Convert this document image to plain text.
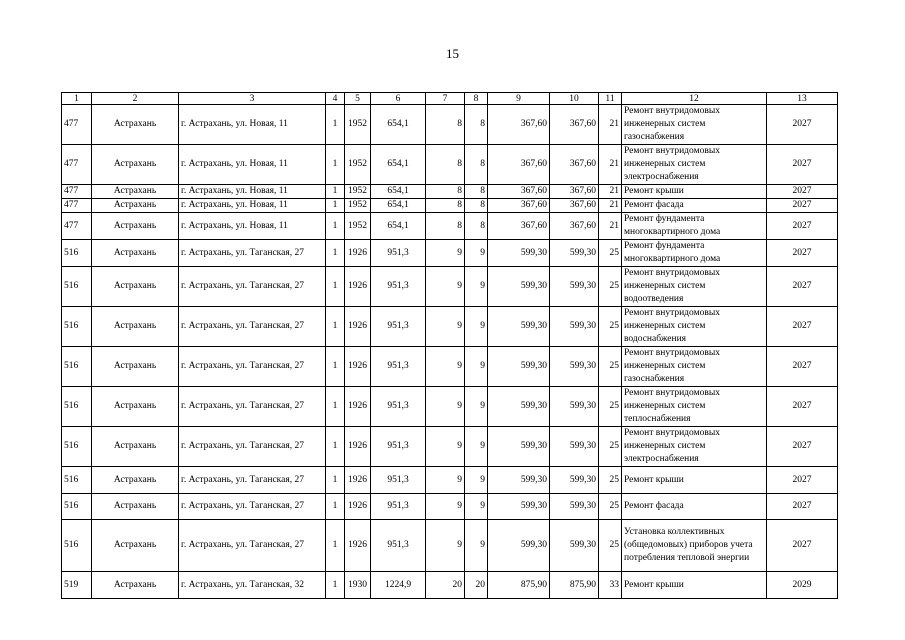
15
1	2	3	4	5	6	7	8	9	10	11	12	13
477	Астрахань	г. Астрахань, ул. Новая, 11	1	1952	654,1	8	8	367,60	367,60	21	Ремонт внутридомовых
инженерных систем
газоснабжения	2027
477	Астрахань	г. Астрахань, ул. Новая, 11	1	1952	654,1	8	8	367,60	367,60	21	Ремонт внутридомовых
инженерных систем
электроснабжения	2027
477	Астрахань	г. Астрахань, ул. Новая, 11	1	1952	654,1	8	8	367,60	367,60	21	Ремонт крыши	2027
477	Астрахань	г. Астрахань, ул. Новая, 11	1	1952	654,1	8	8	367,60	367,60	21	Ремонт фасада	2027
477	Астрахань	г. Астрахань, ул. Новая, 11	1	1952	654,1	8	8	367,60	367,60	21	Ремонт фундамента
многоквартирного дома	2027
516	Астрахань	г. Астрахань, ул. Таганская, 27	1	1926	951,3	9	9	599,30	599,30	25	Ремонт фундамента
многоквартирного дома	2027
516	Астрахань	г. Астрахань, ул. Таганская, 27	1	1926	951,3	9	9	599,30	599,30	25	Ремонт внутридомовых
инженерных систем
водоотведения	2027
516	Астрахань	г. Астрахань, ул. Таганская, 27	1	1926	951,3	9	9	599,30	599,30	25	Ремонт внутридомовых
инженерных систем
водоснабжения	2027
516	Астрахань	г. Астрахань, ул. Таганская, 27	1	1926	951,3	9	9	599,30	599,30	25	Ремонт внутридомовых
инженерных систем
газоснабжения	2027
516	Астрахань	г. Астрахань, ул. Таганская, 27	1	1926	951,3	9	9	599,30	599,30	25	Ремонт внутридомовых
инженерных систем
теплоснабжения	2027
516	Астрахань	г. Астрахань, ул. Таганская, 27	1	1926	951,3	9	9	599,30	599,30	25	Ремонт внутридомовых
инженерных систем
электроснабжения	2027
516	Астрахань	г. Астрахань, ул. Таганская, 27	1	1926	951,3	9	9	599,30	599,30	25	Ремонт крыши	2027
516	Астрахань	г. Астрахань, ул. Таганская, 27	1	1926	951,3	9	9	599,30	599,30	25	Ремонт фасада	2027
516	Астрахань	г. Астрахань, ул. Таганская, 27	1	1926	951,3	9	9	599,30	599,30	25	Установка коллективных
(общедомовых) приборов учета
потребления тепловой энергии	2027
519	Астрахань	г. Астрахань, ул. Таганская, 32	1	1930	1224,9	20	20	875,90	875,90	33	Ремонт крыши	2029
